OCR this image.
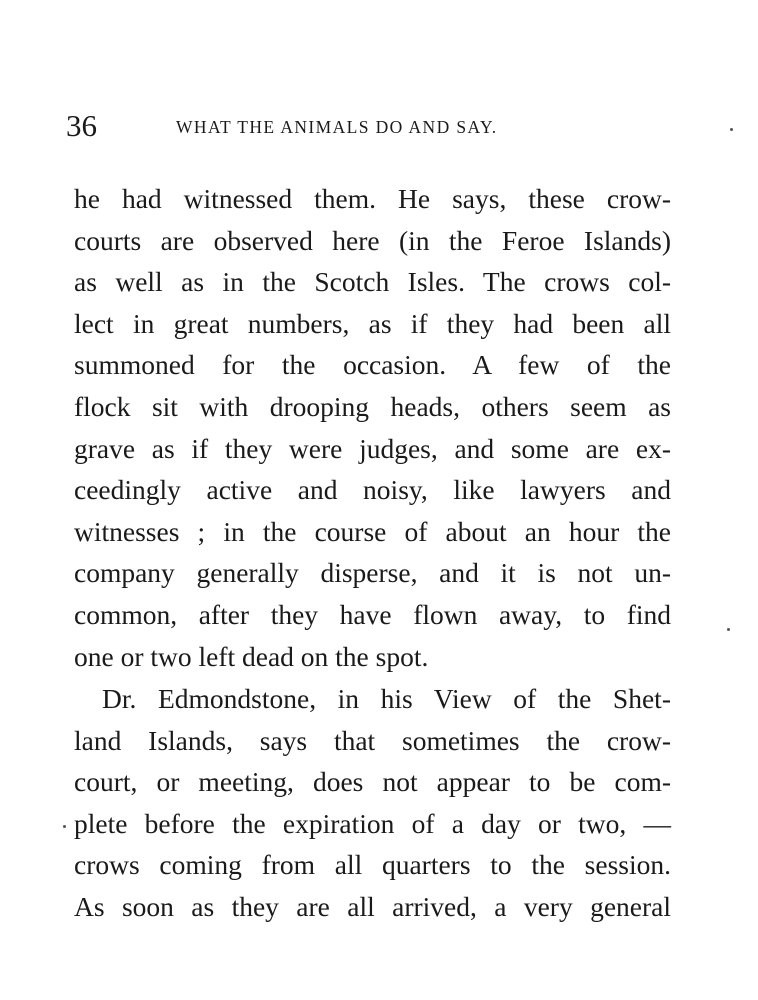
36	WHAT THE ANIMALS DO AND SAY.
he had witnessed them. He says, these crow-
courts are observed here (in the Feroe Islands)
as well as in the Scotch Isles. The crows col-
lect in great numbers, as if they had been all
summoned for the occasion. A few of the
flock sit with drooping heads, others seem as
grave as if they were judges, and some are ex-
ceedingly active and noisy, like lawyers and
witnesses ; in the course of about an hour the
company generally disperse, and it is not un-
common, after they have flown away, to find
one or two left dead on the spot.
Dr. Edmondstone, in his View of the Shet-
land Islands, says that sometimes the crow-
court, or meeting, does not appear to be com-
plete before the expiration of a day or two, —
crows coming from all quarters to the session.
As soon as they are all arrived, a very general
